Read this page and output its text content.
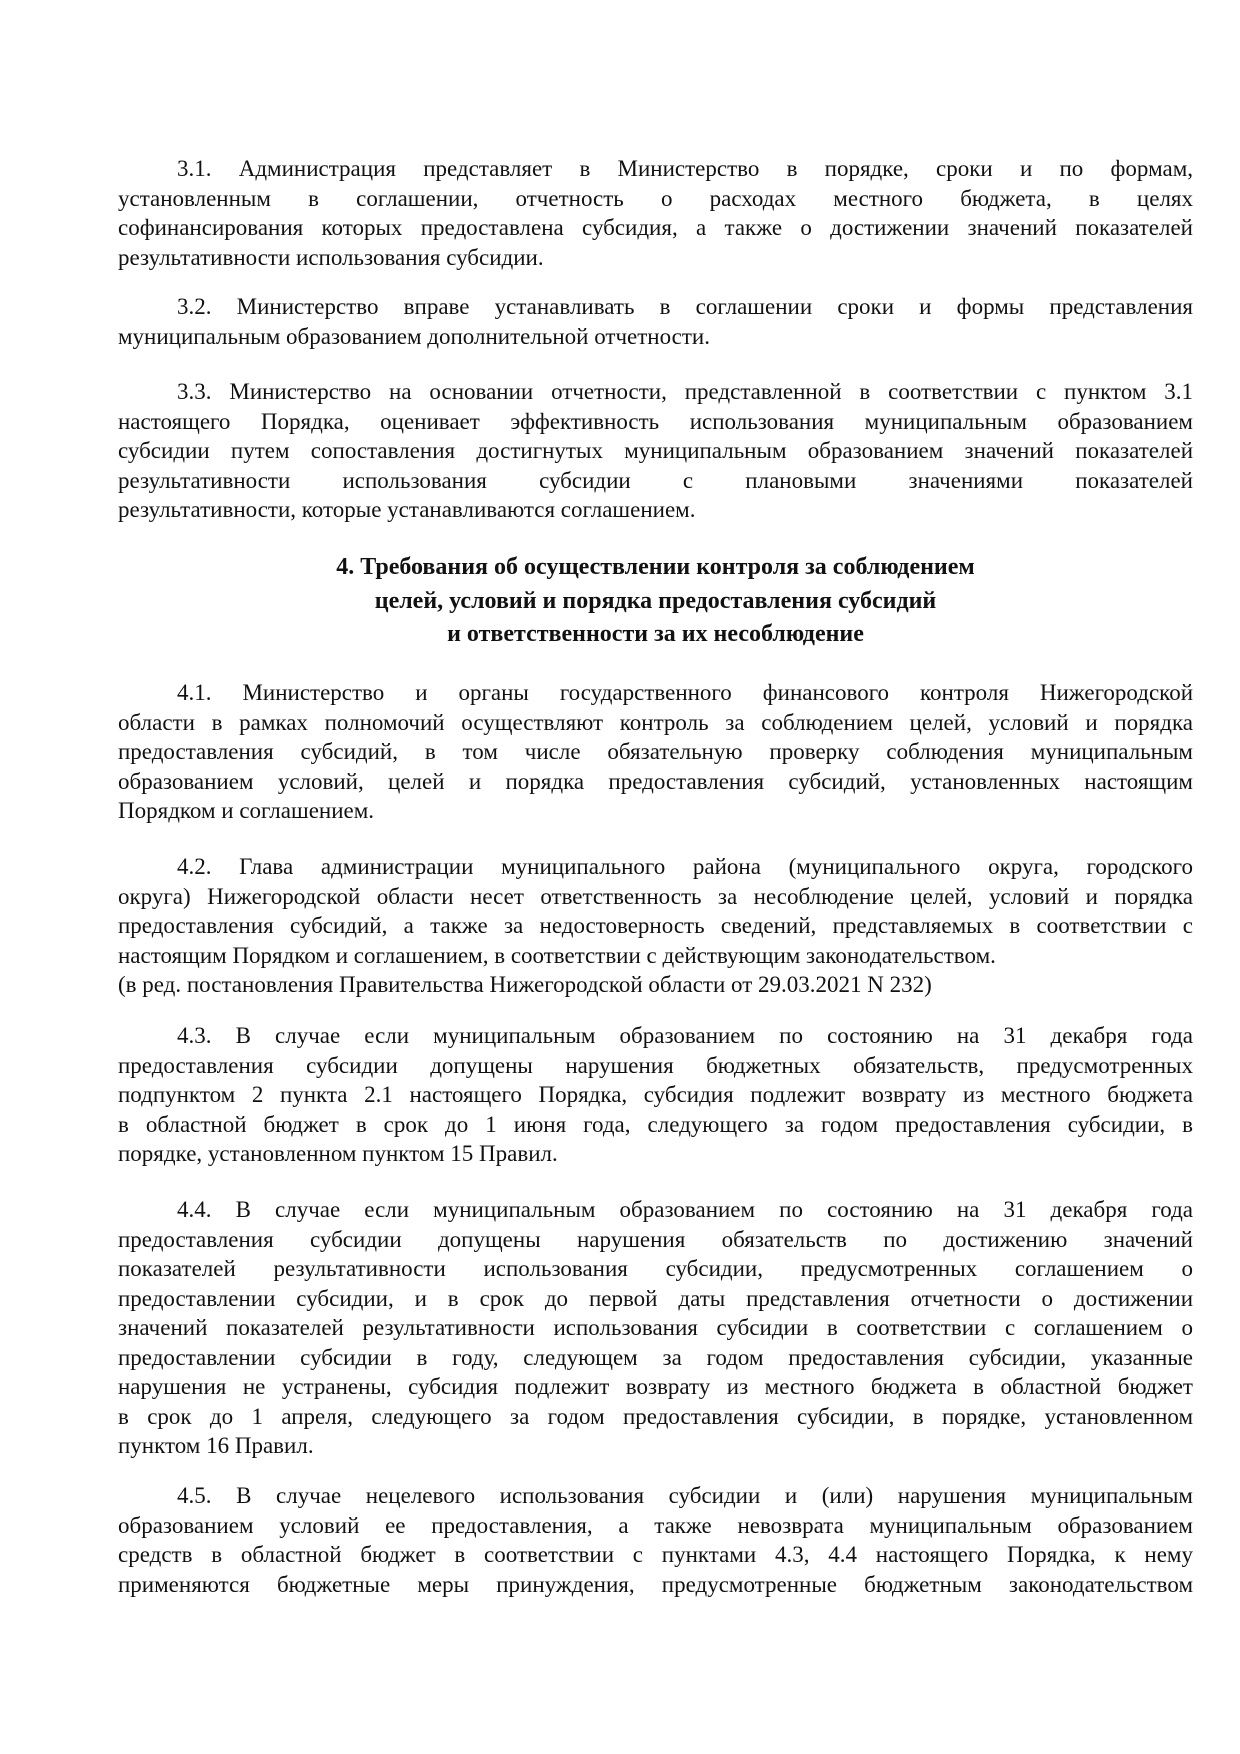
3.1. Администрация представляет в Министерство в порядке, сроки и по формам,
установленным в соглашении, отчетность о расходах местного бюджета, в целях
софинансирования которых предоставлена субсидия, а также о достижении значений показателей
результативности использования субсидии.
3.2. Министерство вправе устанавливать в соглашении сроки и формы представления
муниципальным образованием дополнительной отчетности.
3.3. Министерство на основании отчетности, представленной в соответствии с пунктом 3.1
настоящего Порядка, оценивает эффективность использования муниципальным образованием
субсидии путем сопоставления достигнутых муниципальным образованием значений показателей
результативности использования субсидии с плановыми значениями показателей
результативности, которые устанавливаются соглашением.
4. Требования об осуществлении контроля за соблюдением
целей, условий и порядка предоставления субсидий
и ответственности за их несоблюдение
4.1. Министерство и органы государственного финансового контроля Нижегородской
области в рамках полномочий осуществляют контроль за соблюдением целей, условий и порядка
предоставления субсидий, в том числе обязательную проверку соблюдения муниципальным
образованием условий, целей и порядка предоставления субсидий, установленных настоящим
Порядком и соглашением.
4.2. Глава администрации муниципального района (муниципального округа, городского
округа) Нижегородской области несет ответственность за несоблюдение целей, условий и порядка
предоставления субсидий, а также за недостоверность сведений, представляемых в соответствии с
настоящим Порядком и соглашением, в соответствии с действующим законодательством.
(в ред. постановления Правительства Нижегородской области от 29.03.2021 N 232)
4.3. В случае если муниципальным образованием по состоянию на 31 декабря года
предоставления субсидии допущены нарушения бюджетных обязательств, предусмотренных
подпунктом 2 пункта 2.1 настоящего Порядка, субсидия подлежит возврату из местного бюджета
в областной бюджет в срок до 1 июня года, следующего за годом предоставления субсидии, в
порядке, установленном пунктом 15 Правил.
4.4. В случае если муниципальным образованием по состоянию на 31 декабря года
предоставления субсидии допущены нарушения обязательств по достижению значений
показателей результативности использования субсидии, предусмотренных соглашением о
предоставлении субсидии, и в срок до первой даты представления отчетности о достижении
значений показателей результативности использования субсидии в соответствии с соглашением о
предоставлении субсидии в году, следующем за годом предоставления субсидии, указанные
нарушения не устранены, субсидия подлежит возврату из местного бюджета в областной бюджет
в срок до 1 апреля, следующего за годом предоставления субсидии, в порядке, установленном
пунктом 16 Правил.
4.5. В случае нецелевого использования субсидии и (или) нарушения муниципальным
образованием условий ее предоставления, а также невозврата муниципальным образованием
средств в областной бюджет в соответствии с пунктами 4.3, 4.4 настоящего Порядка, к нему
применяются бюджетные меры принуждения, предусмотренные бюджетным законодательством
